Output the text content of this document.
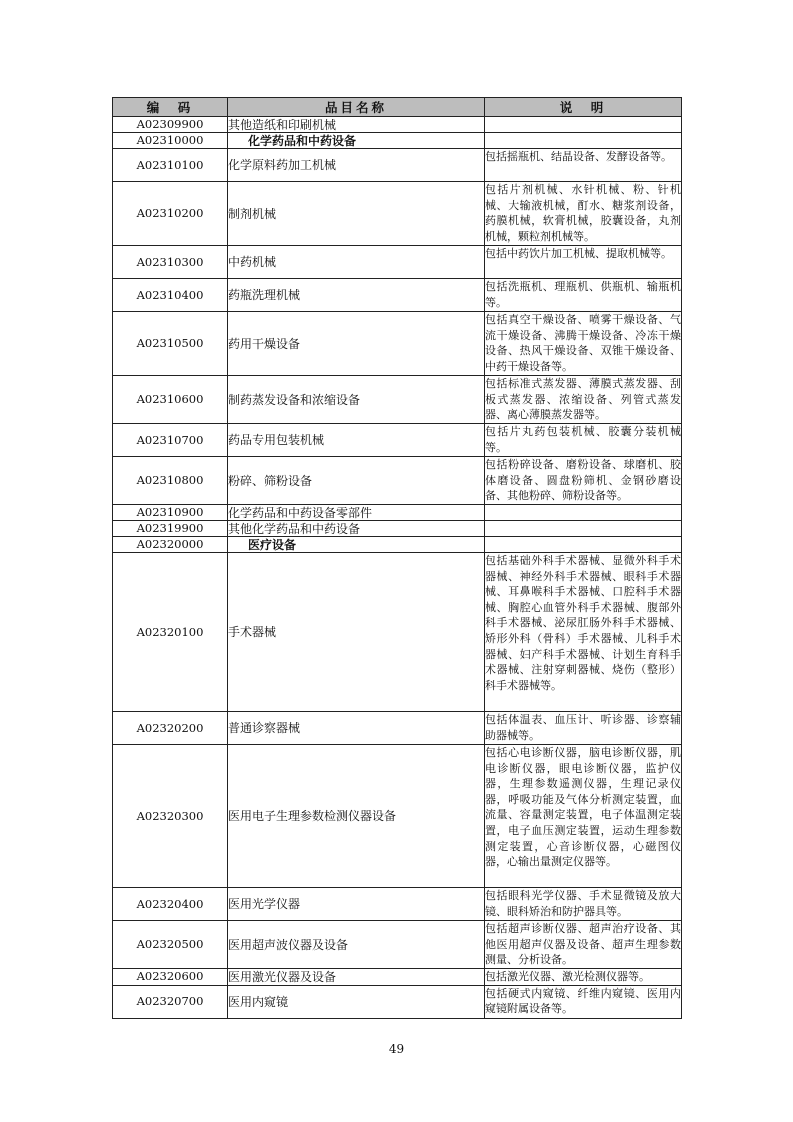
编　码	品目名称	说　明
A02309900	其他造纸和印刷机械	
A02310000	化学药品和中药设备	
A02310100	化学原料药加工机械	包括摇瓶机、结晶设备、发酵设备等。
A02310200	制剂机械	包括片剂机械、水针机械、粉、针机械、大输液机械，酊水、糖浆剂设备，药膜机械，软膏机械，胶囊设备，丸剂机械，颗粒剂机械等。
A02310300	中药机械	包括中药饮片加工机械、提取机械等。
A02310400	药瓶洗理机械	包括洗瓶机、理瓶机、供瓶机、输瓶机等。
A02310500	药用干燥设备	包括真空干燥设备、喷雾干燥设备、气流干燥设备、沸腾干燥设备、冷冻干燥设备、热风干燥设备、双锥干燥设备、中药干燥设备等。
A02310600	制药蒸发设备和浓缩设备	包括标准式蒸发器、薄膜式蒸发器、刮板式蒸发器、浓缩设备、列管式蒸发器、离心薄膜蒸发器等。
A02310700	药品专用包装机械	包括片丸药包装机械、胶囊分装机械等。
A02310800	粉碎、筛粉设备	包括粉碎设备、磨粉设备、球磨机、胶体磨设备、圆盘粉筛机、金钢砂磨设备、其他粉碎、筛粉设备等。
A02310900	化学药品和中药设备零部件	
A02319900	其他化学药品和中药设备	
A02320000	医疗设备	
A02320100	手术器械	包括基础外科手术器械、显微外科手术器械、神经外科手术器械、眼科手术器械、耳鼻喉科手术器械、口腔科手术器械、胸腔心血管外科手术器械、腹部外科手术器械、泌尿肛肠外科手术器械、矫形外科（骨科）手术器械、儿科手术器械、妇产科手术器械、计划生育科手术器械、注射穿刺器械、烧伤（整形）科手术器械等。
A02320200	普通诊察器械	包括体温表、血压计、听诊器、诊察辅助器械等。
A02320300	医用电子生理参数检测仪器设备	包括心电诊断仪器，脑电诊断仪器，肌电诊断仪器，眼电诊断仪器，监护仪器，生理参数遥测仪器，生理记录仪器，呼吸功能及气体分析测定装置，血流量、容量测定装置，电子体温测定装置，电子血压测定装置，运动生理参数测定装置，心音诊断仪器，心磁图仪器，心输出量测定仪器等。
A02320400	医用光学仪器	包括眼科光学仪器、手术显微镜及放大镜、眼科矫治和防护器具等。
A02320500	医用超声波仪器及设备	包括超声诊断仪器、超声治疗设备、其他医用超声仪器及设备、超声生理参数测量、分析设备。
A02320600	医用激光仪器及设备	包括激光仪器、激光检测仪器等。
A02320700	医用内窥镜	包括硬式内窥镜、纤维内窥镜、医用内窥镜附属设备等。
49
